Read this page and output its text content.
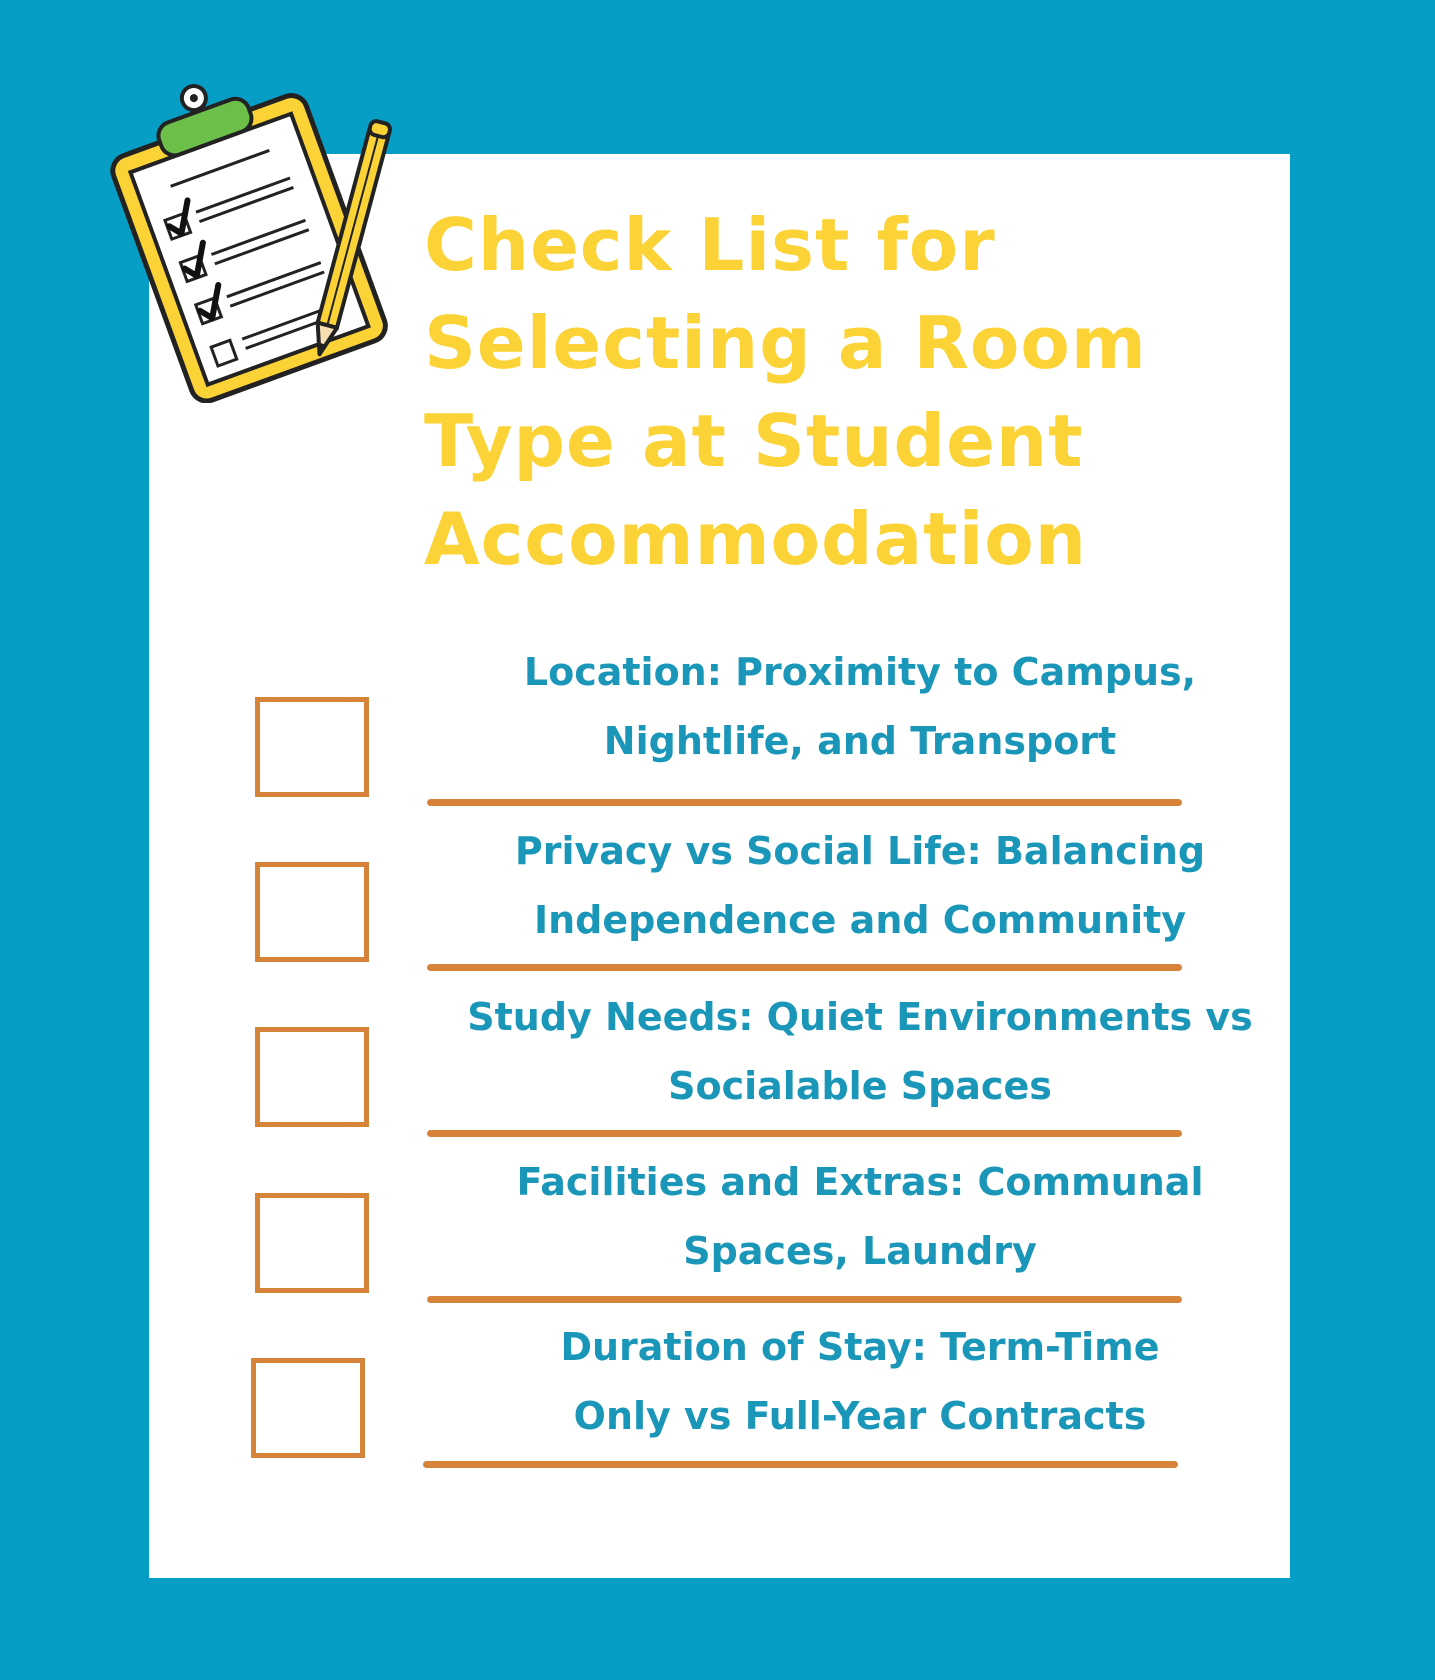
Check List for
Selecting a Room
Type at Student
Accommodation

Location: Proximity to Campus,
Nightlife, and Transport

Privacy vs Social Life: Balancing
Independence and Community

Study Needs: Quiet Environments vs
Socialable Spaces

Facilities and Extras: Communal
Spaces, Laundry

Duration of Stay: Term-Time
Only vs Full-Year Contracts
